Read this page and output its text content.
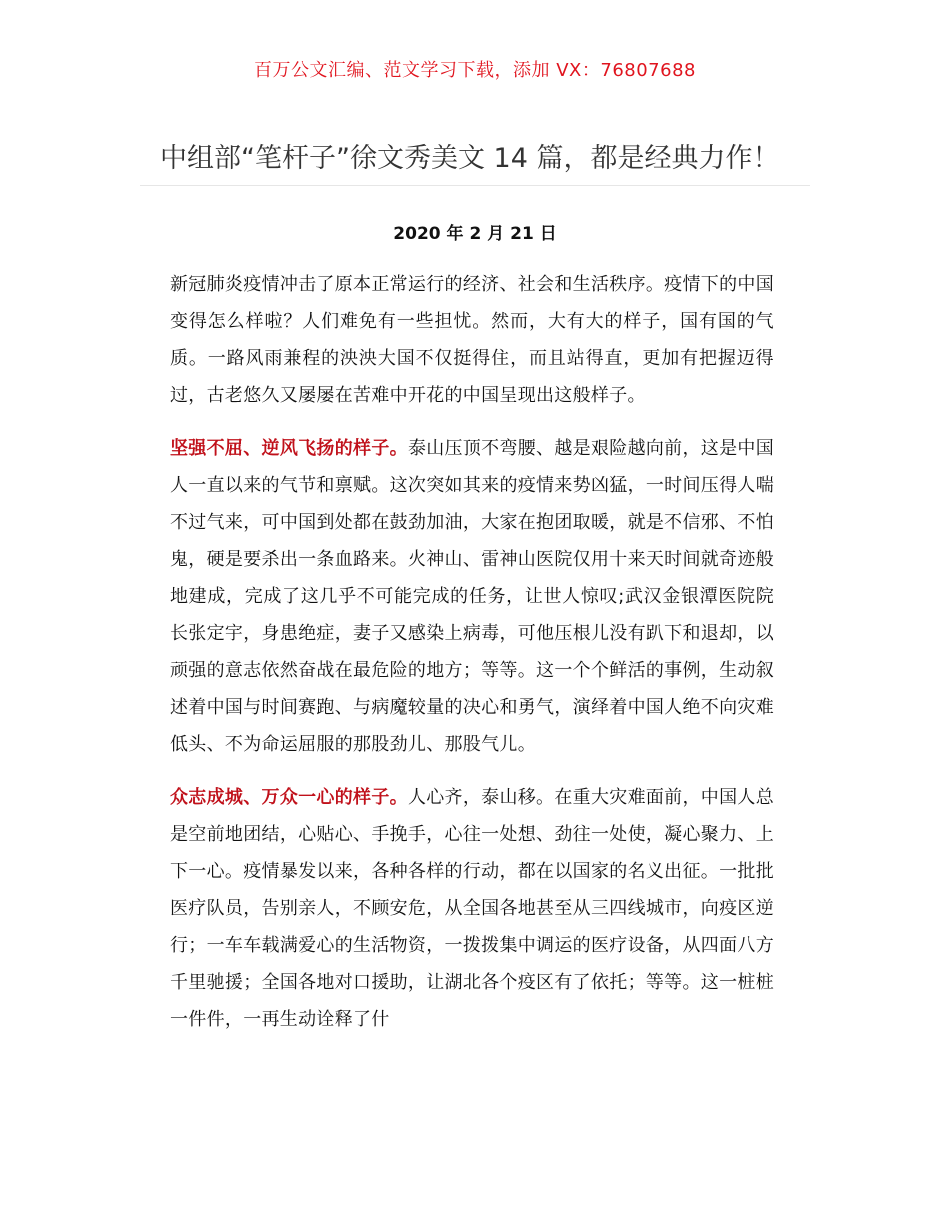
百万公文汇编、范文学习下载，添加 VX：76807688
中组部“笔杆子”徐文秀美文 14 篇，都是经典力作！
2020 年 2 月 21 日

新冠肺炎疫情冲击了原本正常运行的经济、社会和生活秩序。疫情下的中国变得怎么样啦？人们难免有一些担忧。然而，大有大的样子，国有国的气质。一路风雨兼程的泱泱大国不仅挺得住，而且站得直，更加有把握迈得过，古老悠久又屡屡在苦难中开花的中国呈现出这般样子。

坚强不屈、逆风飞扬的样子。泰山压顶不弯腰、越是艰险越向前，这是中国人一直以来的气节和禀赋。这次突如其来的疫情来势凶猛，一时间压得人喘不过气来，可中国到处都在鼓劲加油，大家在抱团取暖，就是不信邪、不怕鬼，硬是要杀出一条血路来。火神山、雷神山医院仅用十来天时间就奇迹般地建成，完成了这几乎不可能完成的任务，让世人惊叹;武汉金银潭医院院长张定宇，身患绝症，妻子又感染上病毒，可他压根儿没有趴下和退却，以顽强的意志依然奋战在最危险的地方；等等。这一个个鲜活的事例，生动叙述着中国与时间赛跑、与病魔较量的决心和勇气，演绎着中国人绝不向灾难低头、不为命运屈服的那股劲儿、那股气儿。

众志成城、万众一心的样子。人心齐，泰山移。在重大灾难面前，中国人总是空前地团结，心贴心、手挽手，心往一处想、劲往一处使，凝心聚力、上下一心。疫情暴发以来，各种各样的行动，都在以国家的名义出征。一批批医疗队员，告别亲人，不顾安危，从全国各地甚至从三四线城市，向疫区逆行；一车车载满爱心的生活物资，一拨拨集中调运的医疗设备，从四面八方千里驰援；全国各地对口援助，让湖北各个疫区有了依托；等等。这一桩桩一件件，一再生动诠释了什
